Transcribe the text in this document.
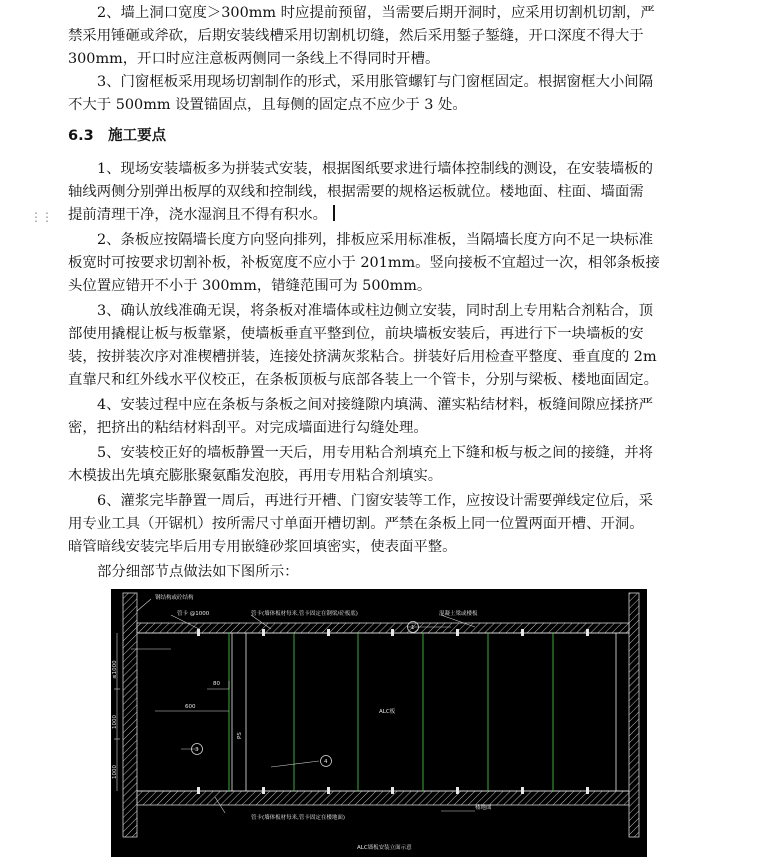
2、墙上洞口宽度＞300mm 时应提前预留，当需要后期开洞时，应采用切割机切割，严

禁采用锤砸或斧砍，后期安装线槽采用切割机切缝，然后采用錾子錾缝，开口深度不得大于

300mm，开口时应注意板两侧同一条线上不得同时开槽。

3、门窗框板采用现场切割制作的形式，采用胀管螺钉与门窗框固定。根据窗框大小间隔

不大于 500mm 设置锚固点，且每侧的固定点不应少于 3 处。

6.3　施工要点
⋮⋮

1、现场安装墙板多为拼装式安装，根据图纸要求进行墙体控制线的测设，在安装墙板的

轴线两侧分别弹出板厚的双线和控制线，根据需要的规格运板就位。楼地面、柱面、墙面需

提前清理干净，浇水湿润且不得有积水。

2、条板应按隔墙长度方向竖向排列，排板应采用标准板，当隔墙长度方向不足一块标准

板宽时可按要求切割补板，补板宽度不应小于 201mm。竖向接板不宜超过一次，相邻条板接

头位置应错开不小于 300mm，错缝范围可为 500mm。

3、确认放线准确无误，将条板对准墙体或柱边侧立安装，同时刮上专用粘合剂粘合，顶

部使用撬棍让板与板靠紧，使墙板垂直平整到位，前块墙板安装后，再进行下一块墙板的安

装，按拼装次序对准楔槽拼装，连接处挤满灰浆粘合。拼装好后用检查平整度、垂直度的 2m

直靠尺和红外线水平仪校正，在条板顶板与底部各装上一个管卡，分别与梁板、楼地面固定。

4、安装过程中应在条板与条板之间对接缝隙内填满、灌实粘结材料，板缝间隙应揉挤严

密，把挤出的粘结材料刮平。对完成墙面进行勾缝处理。

5、安装校正好的墙板静置一天后，用专用粘合剂填充上下缝和板与板之间的接缝，并将

木模拔出先填充膨胀聚氨酯发泡胶，再用专用粘合剂填实。

6、灌浆完毕静置一周后，再进行开槽、门窗安装等工作，应按设计需要弹线定位后，采

用专业工具（开锯机）按所需尺寸单面开槽切割。严禁在条板上同一位置两面开槽、开洞。

暗管暗线安装完毕后用专用嵌缝砂浆回填密实，使表面平整。

部分细部节点做法如下图所示：

1
3
4
钢结构或砼结构
管卡 @1000	管卡(墙体板材每米,管卡固定在钢梁/砼板底)	混凝土梁或楼板
管卡(墙体板材每米,管卡固定在楼地面)
楼地面
ALC板
ALC墙板安装立面示意
80
600
PS
≤1000
1000
1000
